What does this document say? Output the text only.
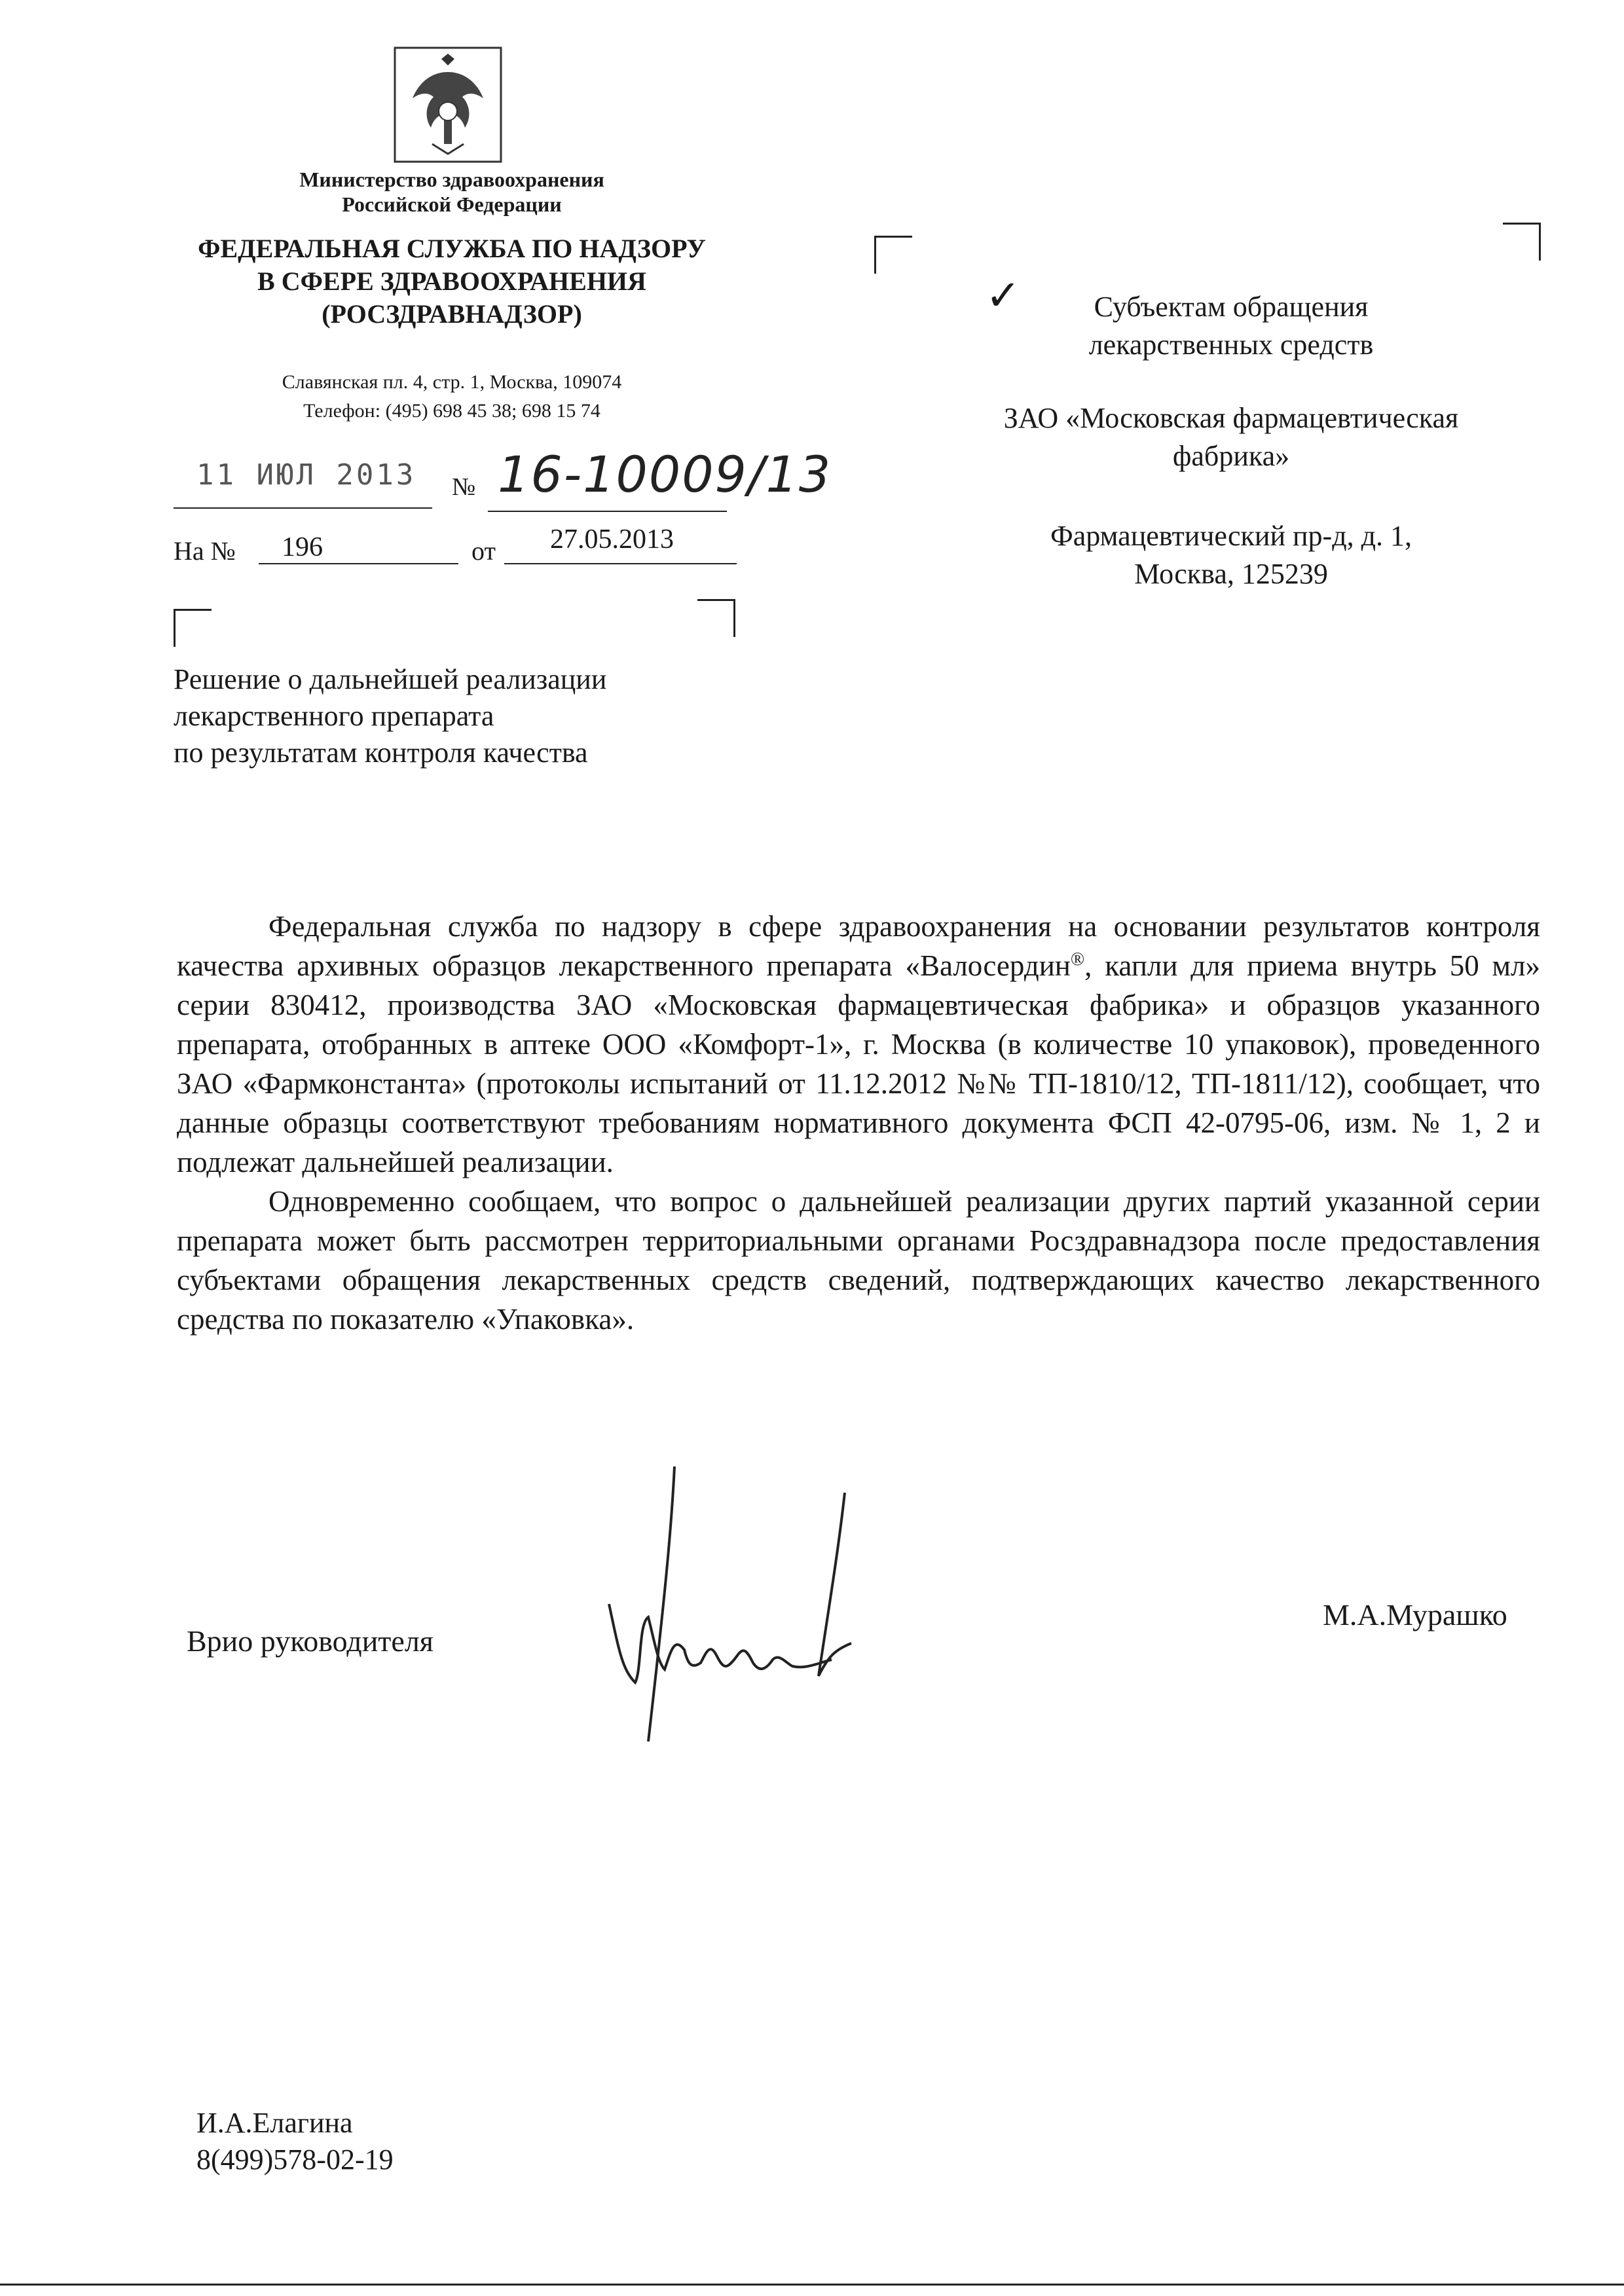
Министерство здравоохранения
Российской Федерации
ФЕДЕРАЛЬНАЯ СЛУЖБА ПО НАДЗОРУ
В СФЕРЕ ЗДРАВООХРАНЕНИЯ
(РОСЗДРАВНАДЗОР)
Славянская пл. 4, стр. 1, Москва, 109074
Телефон: (495) 698 45 38; 698 15 74
11 ИЮЛ 2013 № 16-10009/13
На № 196	от 27.05.2013
✓	Субъектам обращения
лекарственных средств
ЗАО «Московская фармацевтическая
фабрика»
Фармацевтический пр-д, д. 1,
Москва, 125239
Решение о дальнейшей реализации
лекарственного препарата
по результатам контроля качества

Федеральная служба по надзору в сфере здравоохранения на основании результатов контроля качества архивных образцов лекарственного препарата «Валосердин®, капли для приема внутрь 50 мл» серии 830412, производства ЗАО «Московская фармацевтическая фабрика» и образцов указанного препарата, отобранных в аптеке ООО «Комфорт-1», г. Москва (в количестве 10 упаковок), проведенного ЗАО «Фармконстанта» (протоколы испытаний от 11.12.2012 №№ ТП-1810/12, ТП-1811/12), сообщает, что данные образцы соответствуют требованиям нормативного документа ФСП 42-0795-06, изм. № 1, 2 и подлежат дальнейшей реализации.

Одновременно сообщаем, что вопрос о дальнейшей реализации других партий указанной серии препарата может быть рассмотрен территориальными органами Росздравнадзора после предоставления субъектами обращения лекарственных средств сведений, подтверждающих качество лекарственного средства по показателю «Упаковка».

Врио руководителя
М.А.Мурашко
И.А.Елагина
8(499)578-02-19
